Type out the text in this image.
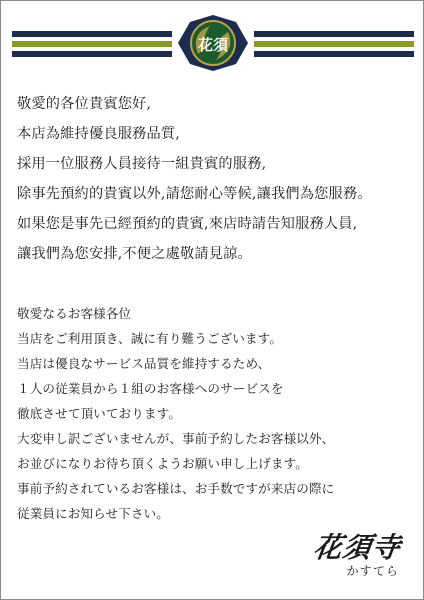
花須
敬愛的各位貴賓您好,
本店為維持優良服務品質,
採用一位服務人員接待一組貴賓的服務,
除事先預約的貴賓以外,請您耐心等候,讓我們為您服務。
如果您是事先已經預約的貴賓,來店時請告知服務人員,
讓我們為您安排,不便之處敬請見諒。
敬愛なるお客様各位
当店をご利用頂き、誠に有り難うございます。
当店は優良なサービス品質を維持するため、
１人の従業員から１組のお客様へのサービスを
徹底させて頂いております。
大変申し訳ございませんが、事前予約したお客様以外、
お並びになりお待ち頂くようお願い申し上げます。
事前予約されているお客様は、お手数ですが来店の際に
従業員にお知らせ下さい。
花須寺
かすてら
